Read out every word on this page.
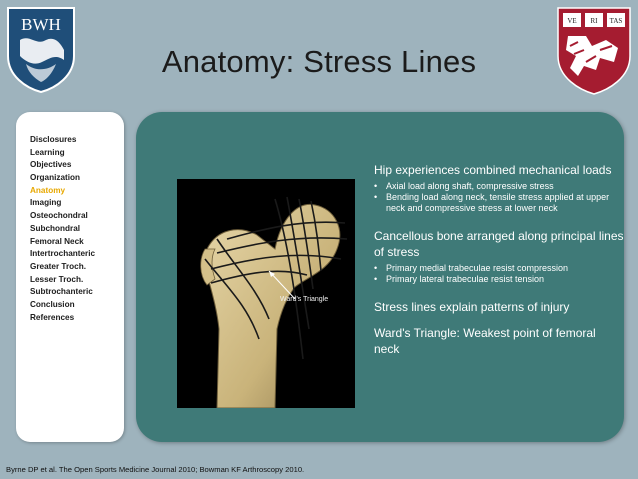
BWH	VE RI TAS
Anatomy: Stress Lines
Disclosures
Learning
Objectives
Organization
Anatomy
Imaging
Osteochondral
Subchondral
Femoral Neck
Intertrochanteric
Greater Troch.
Lesser Troch.
Subtrochanteric
Conclusion
References
Ward's Triangle
Hip experiences combined mechanical loads
• Axial load along shaft, compressive stress
• Bending load along neck, tensile stress applied at upper neck and compressive stress at lower neck
Cancellous bone arranged along principal lines of stress
• Primary medial trabeculae resist compression
• Primary lateral trabeculae resist tension
Stress lines explain patterns of injury
Ward's Triangle: Weakest point of femoral neck
Byrne DP et al. The Open Sports Medicine Journal 2010; Bowman KF Arthroscopy 2010.
